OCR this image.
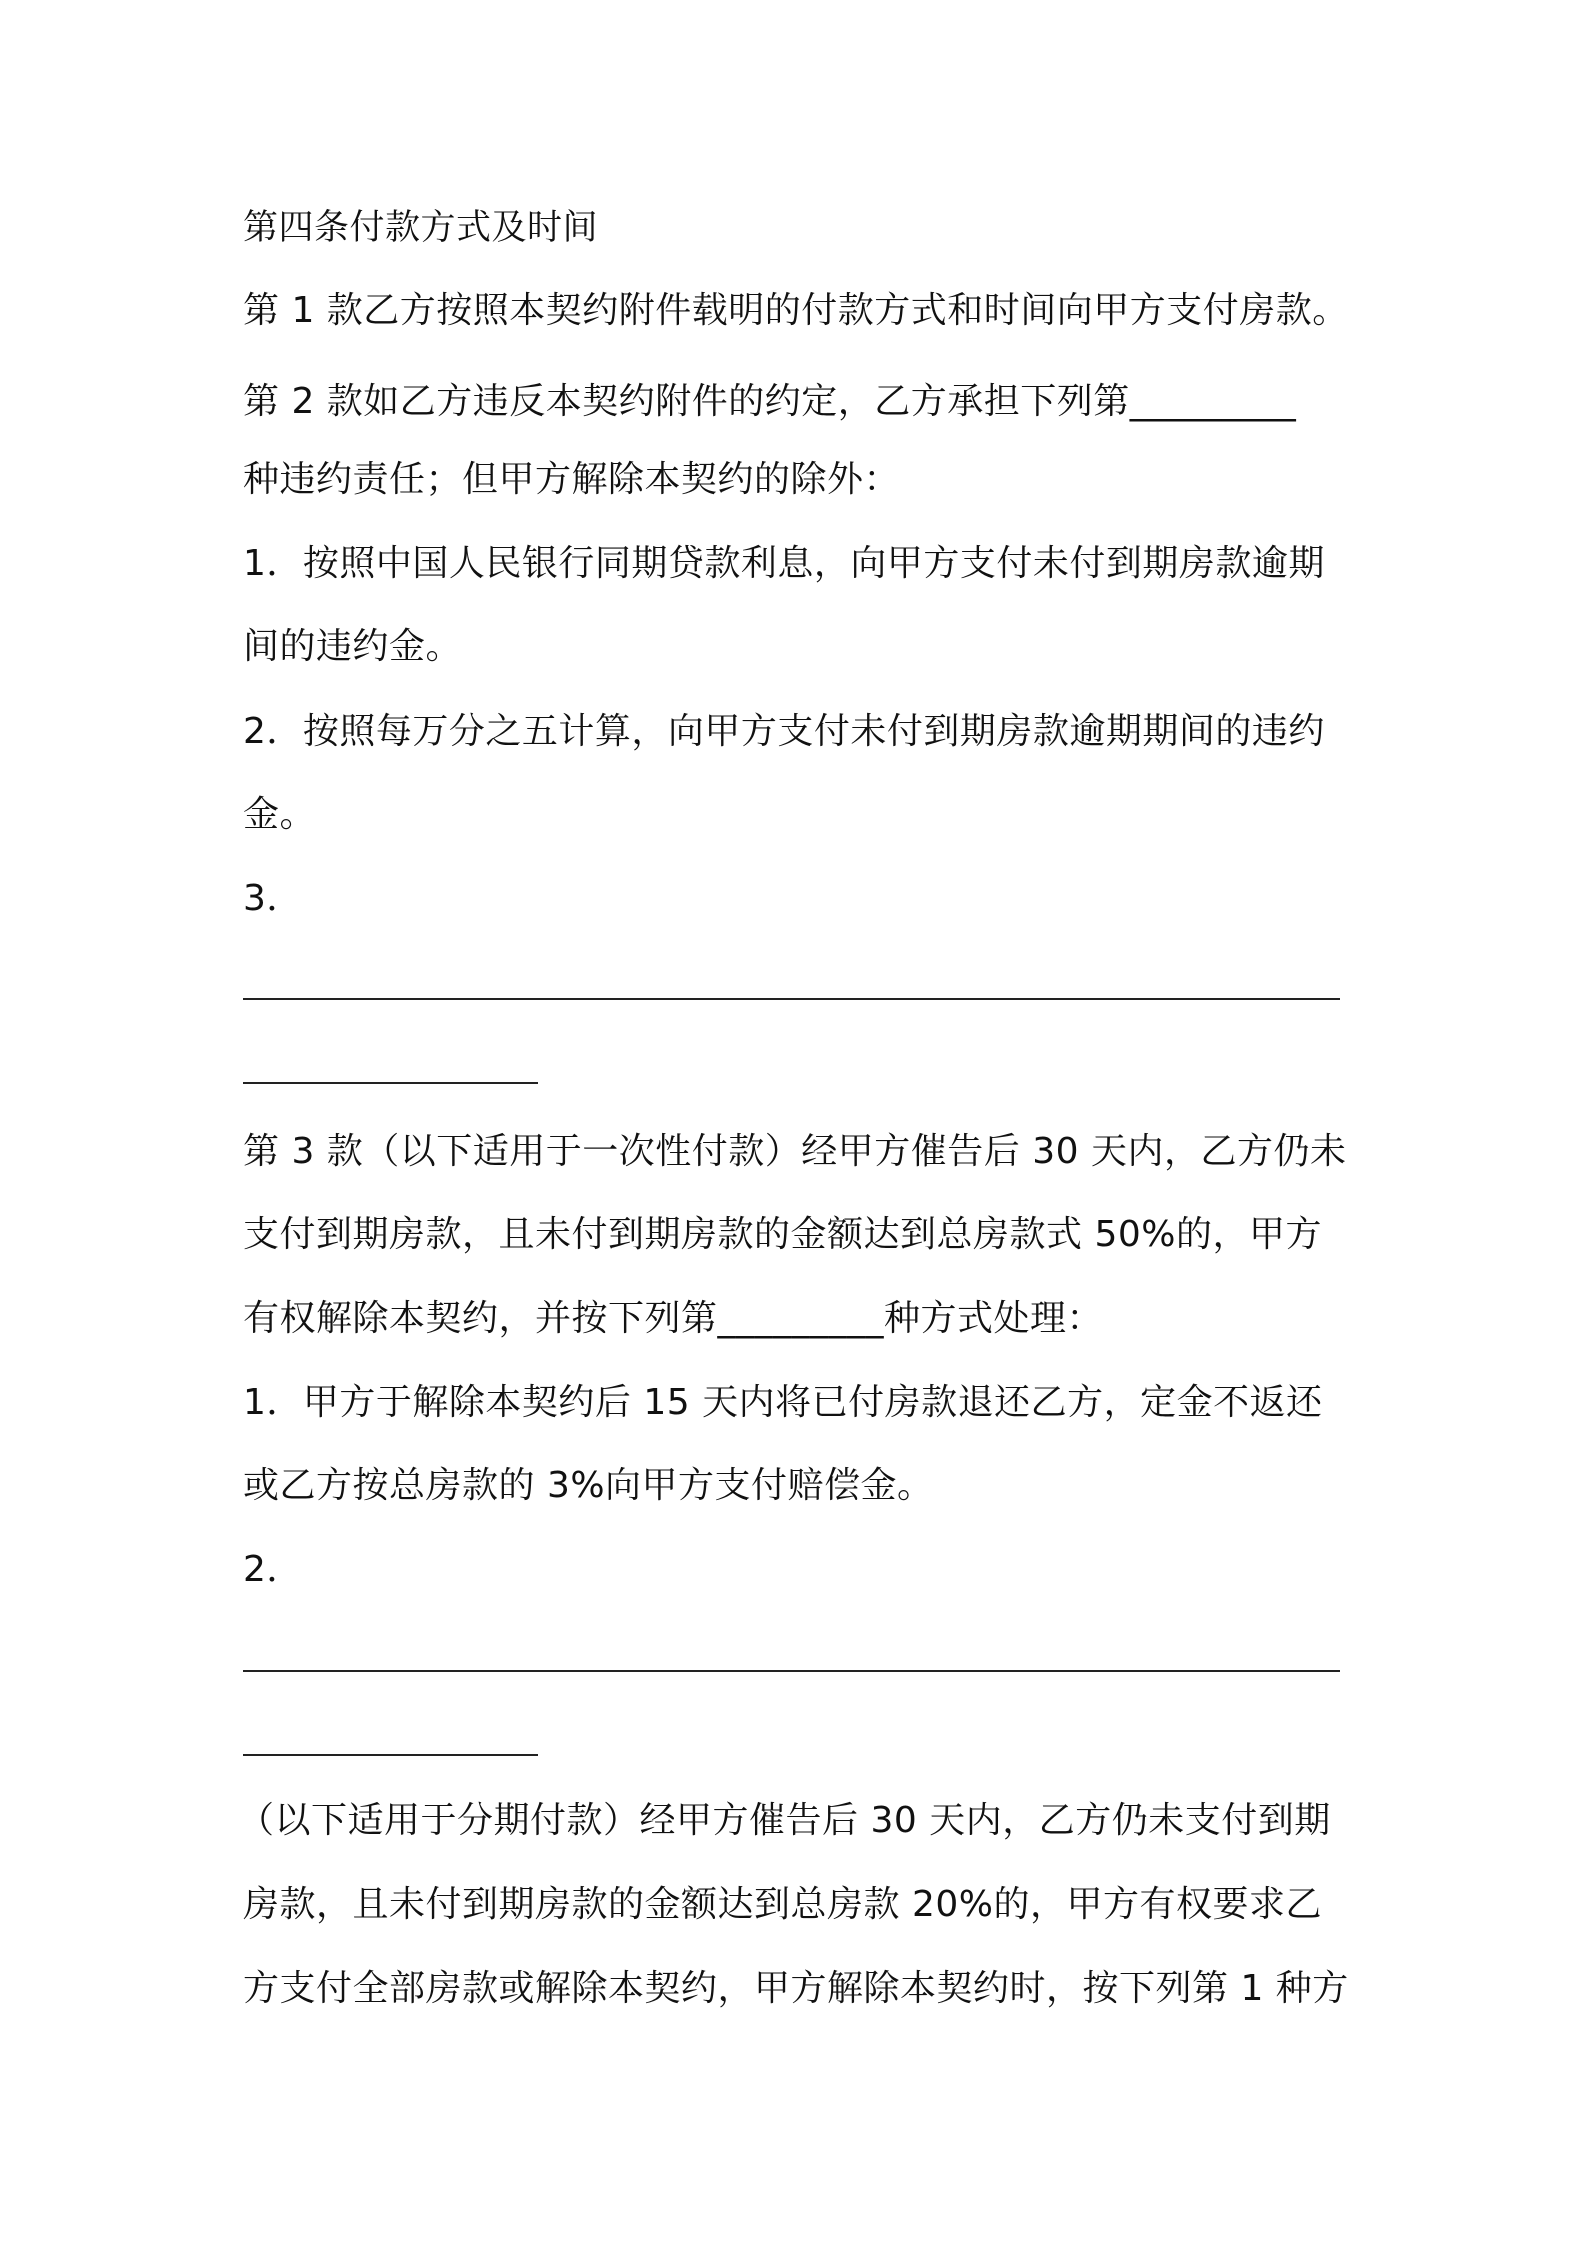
第四条付款方式及时间
第 1 款乙方按照本契约附件载明的付款方式和时间向甲方支付房款。
第 2 款如乙方违反本契约附件的约定，乙方承担下列第_________
种违约责任；但甲方解除本契约的除外：
1．按照中国人民银行同期贷款利息，向甲方支付未付到期房款逾期
间的违约金。
2．按照每万分之五计算，向甲方支付未付到期房款逾期期间的违约
金。
3．
第 3 款（以下适用于一次性付款）经甲方催告后 30 天内，乙方仍未
支付到期房款，且未付到期房款的金额达到总房款式 50%的，甲方
有权解除本契约，并按下列第_________种方式处理：
1．甲方于解除本契约后 15 天内将已付房款退还乙方，定金不返还
或乙方按总房款的 3%向甲方支付赔偿金。
2．
（以下适用于分期付款）经甲方催告后 30 天内，乙方仍未支付到期
房款，且未付到期房款的金额达到总房款 20%的，甲方有权要求乙
方支付全部房款或解除本契约，甲方解除本契约时，按下列第 1 种方
